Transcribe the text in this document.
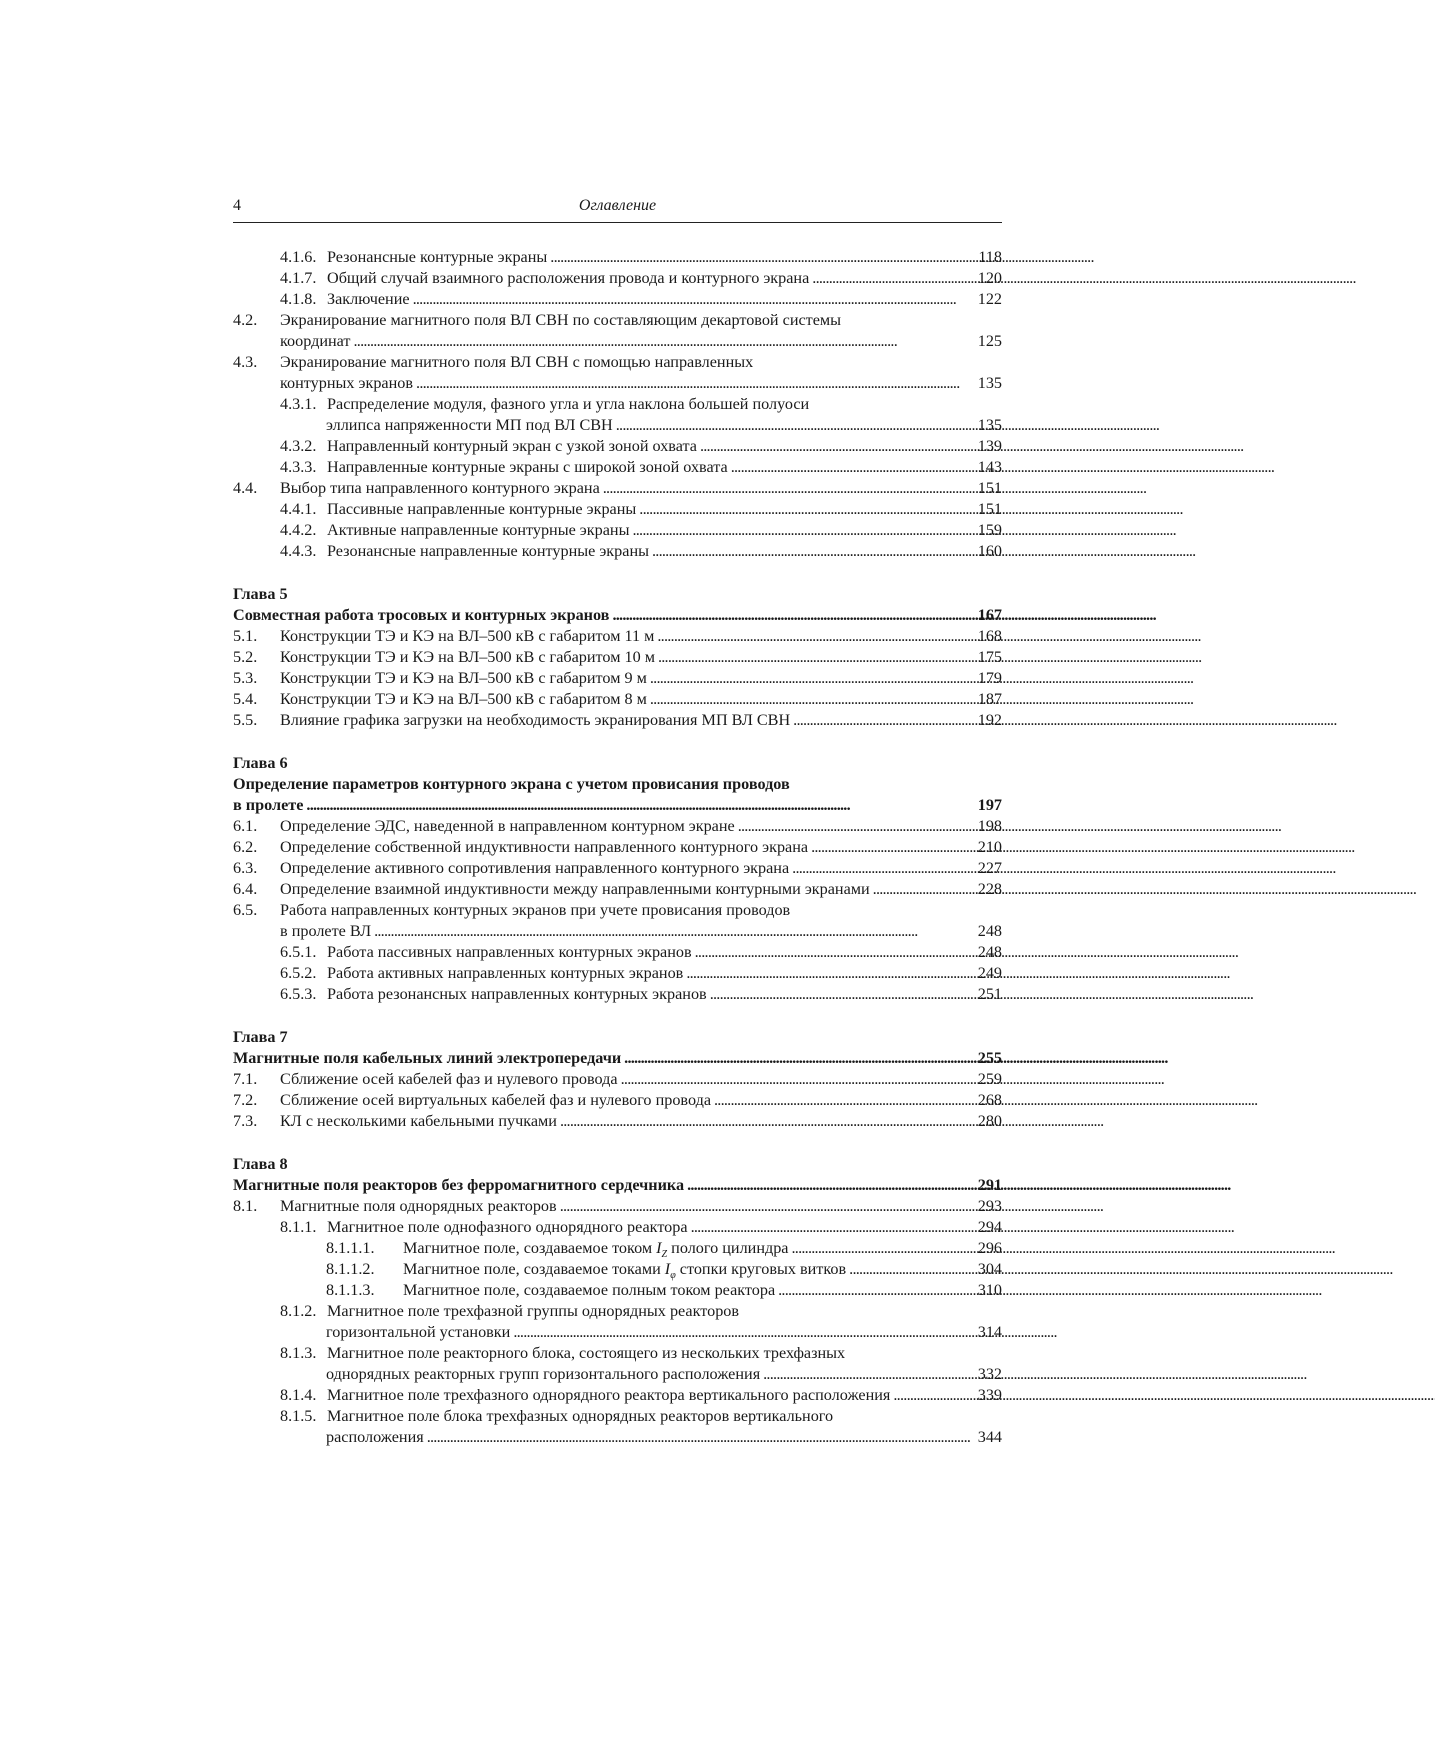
4	Оглавление
4.1.6. Резонансные контурные экраны . . .	118
4.1.7. Общий случай взаимного расположения провода и контурного экрана . . .	120
4.1.8. Заключение . . .	122
4.2.	Экранирование магнитного поля ВЛ СВН по составляющим декартовой системы
координат . . .	125
4.3.	Экранирование магнитного поля ВЛ СВН с помощью направленных
контурных экранов . . .	135
4.3.1. Распределение модуля, фазного угла и угла наклона большей полуоси
эллипса напряженности МП под ВЛ СВН . . .	135
4.3.2. Направленный контурный экран с узкой зоной охвата . . .	139
4.3.3. Направленные контурные экраны с широкой зоной охвата . . .	143
4.4.	Выбор типа направленного контурного экрана . . .	151
4.4.1. Пассивные направленные контурные экраны . . .	151
4.4.2. Активные направленные контурные экраны . . .	159
4.4.3. Резонансные направленные контурные экраны . . .	160
Глава 5
Совместная работа тросовых и контурных экранов . . .	167
5.1.	Конструкции ТЭ и КЭ на ВЛ–500 кВ с габаритом 11 м . . .	168
5.2.	Конструкции ТЭ и КЭ на ВЛ–500 кВ с габаритом 10 м . . .	175
5.3.	Конструкции ТЭ и КЭ на ВЛ–500 кВ с габаритом 9 м . . .	179
5.4.	Конструкции ТЭ и КЭ на ВЛ–500 кВ с габаритом 8 м . . .	187
5.5.	Влияние графика загрузки на необходимость экранирования МП ВЛ СВН . . .	192
Глава 6
Определение параметров контурного экрана с учетом провисания проводов
в пролете . . .	197
6.1.	Определение ЭДС, наведенной в направленном контурном экране . . .	198
6.2.	Определение собственной индуктивности направленного контурного экрана . . .	210
6.3.	Определение активного сопротивления направленного контурного экрана . . .	227
6.4.	Определение взаимной индуктивности между направленными контурными экранами . . .	228
6.5.	Работа направленных контурных экранов при учете провисания проводов
в пролете ВЛ . . .	248
6.5.1. Работа пассивных направленных контурных экранов . . .	248
6.5.2. Работа активных направленных контурных экранов . . .	249
6.5.3. Работа резонансных направленных контурных экранов . . .	251
Глава 7
Магнитные поля кабельных линий электропередачи . . .	255
7.1.	Сближение осей кабелей фаз и нулевого провода . . .	259
7.2.	Сближение осей виртуальных кабелей фаз и нулевого провода . . .	268
7.3.	КЛ с несколькими кабельными пучками . . .	280
Глава 8
Магнитные поля реакторов без ферромагнитного сердечника . . .	291
8.1.	Магнитные поля однорядных реакторов . . .	293
8.1.1. Магнитное поле однофазного однорядного реактора . . .	294
8.1.1.1.	Магнитное поле, создаваемое током $I_Z$ полого цилиндра . . .	296
8.1.1.2.	Магнитное поле, создаваемое токами $I_\varphi$ стопки круговых витков . . .	304
8.1.1.3.	Магнитное поле, создаваемое полным током реактора . . .	310
8.1.2. Магнитное поле трехфазной группы однорядных реакторов
горизонтальной установки . . .	314
8.1.3. Магнитное поле реакторного блока, состоящего из нескольких трехфазных
однорядных реакторных групп горизонтального расположения . . .	332
8.1.4. Магнитное поле трехфазного однорядного реактора вертикального расположения . . .	339
8.1.5. Магнитное поле блока трехфазных однорядных реакторов вертикального
расположения . . .	344
